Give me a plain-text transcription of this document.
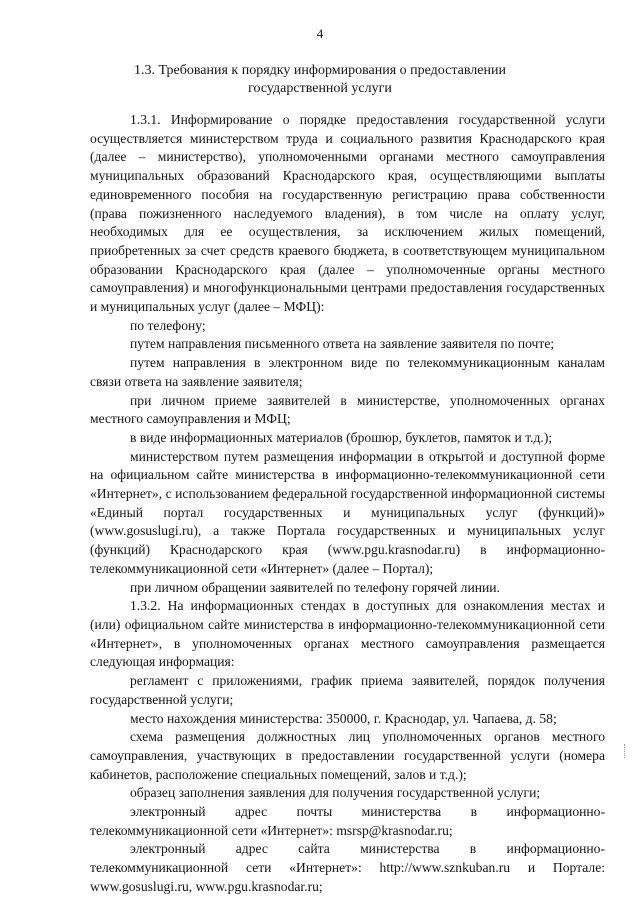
4
1.3. Требования к порядку информирования о предоставлении государственной услуги

1.3.1. Информирование о порядке предоставления государственной услуги осуществляется министерством труда и социального развития Краснодарского края (далее – министерство), уполномоченными органами местного самоуправления муниципальных образований Краснодарского края, осуществляющими выплаты единовременного пособия на государственную регистрацию права собственности (права пожизненного наследуемого владения), в том числе на оплату услуг, необходимых для ее осуществления, за исключением жилых помещений, приобретенных за счет средств краевого бюджета, в соответствующем муниципальном образовании Краснодарского края (далее – уполномоченные органы местного самоуправления) и многофункциональными центрами предоставления государственных и муниципальных услуг (далее – МФЦ):

по телефону;

путем направления письменного ответа на заявление заявителя по почте;

путем направления в электронном виде по телекоммуникационным каналам связи ответа на заявление заявителя;

при личном приеме заявителей в министерстве, уполномоченных органах местного самоуправления и МФЦ;

в виде информационных материалов (брошюр, буклетов, памяток и т.д.);

министерством путем размещения информации в открытой и доступной форме на официальном сайте министерства в информационно-телекоммуникационной сети «Интернет», с использованием федеральной государственной информационной системы «Единый портал государственных и муниципальных услуг (функций)» (www.gosuslugi.ru), а также Портала государственных и муниципальных услуг (функций) Краснодарского края (www.pgu.krasnodar.ru) в информационно-телекоммуникационной сети «Интернет» (далее – Портал);

при личном обращении заявителей по телефону горячей линии.

1.3.2. На информационных стендах в доступных для ознакомления местах и (или) официальном сайте министерства в информационно-телекоммуникационной сети «Интернет», в уполномоченных органах местного самоуправления размещается следующая информация:

регламент с приложениями, график приема заявителей, порядок получения государственной услуги;

место нахождения министерства: 350000, г. Краснодар, ул. Чапаева, д. 58;

схема размещения должностных лиц уполномоченных органов местного самоуправления, участвующих в предоставлении государственной услуги (номера кабинетов, расположение специальных помещений, залов и т.д.);

образец заполнения заявления для получения государственной услуги;

электронный адрес почты министерства в информационно-телекоммуникационной сети «Интернет»: msrsp@krasnodar.ru;

электронный адрес сайта министерства в информационно-телекоммуникационной сети «Интернет»: http://www.sznkuban.ru и Портале: www.gosuslugi.ru, www.pgu.krasnodar.ru;
